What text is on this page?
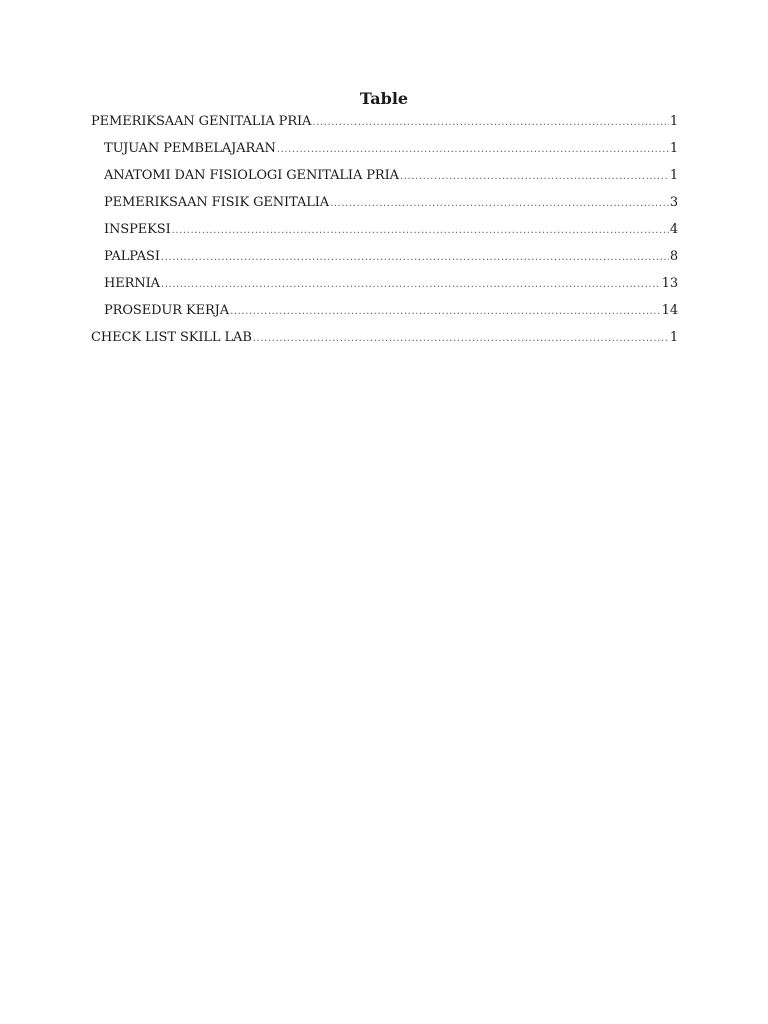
Table
PEMERIKSAAN GENITALIA PRIA .....	1
TUJUAN PEMBELAJARAN .....	1
ANATOMI DAN FISIOLOGI GENITALIA PRIA .....	1
PEMERIKSAAN FISIK GENITALIA .....	3
INSPEKSI .....	4
PALPASI .....	8
HERNIA .....	13
PROSEDUR KERJA .....	14
CHECK LIST SKILL LAB .....	1
